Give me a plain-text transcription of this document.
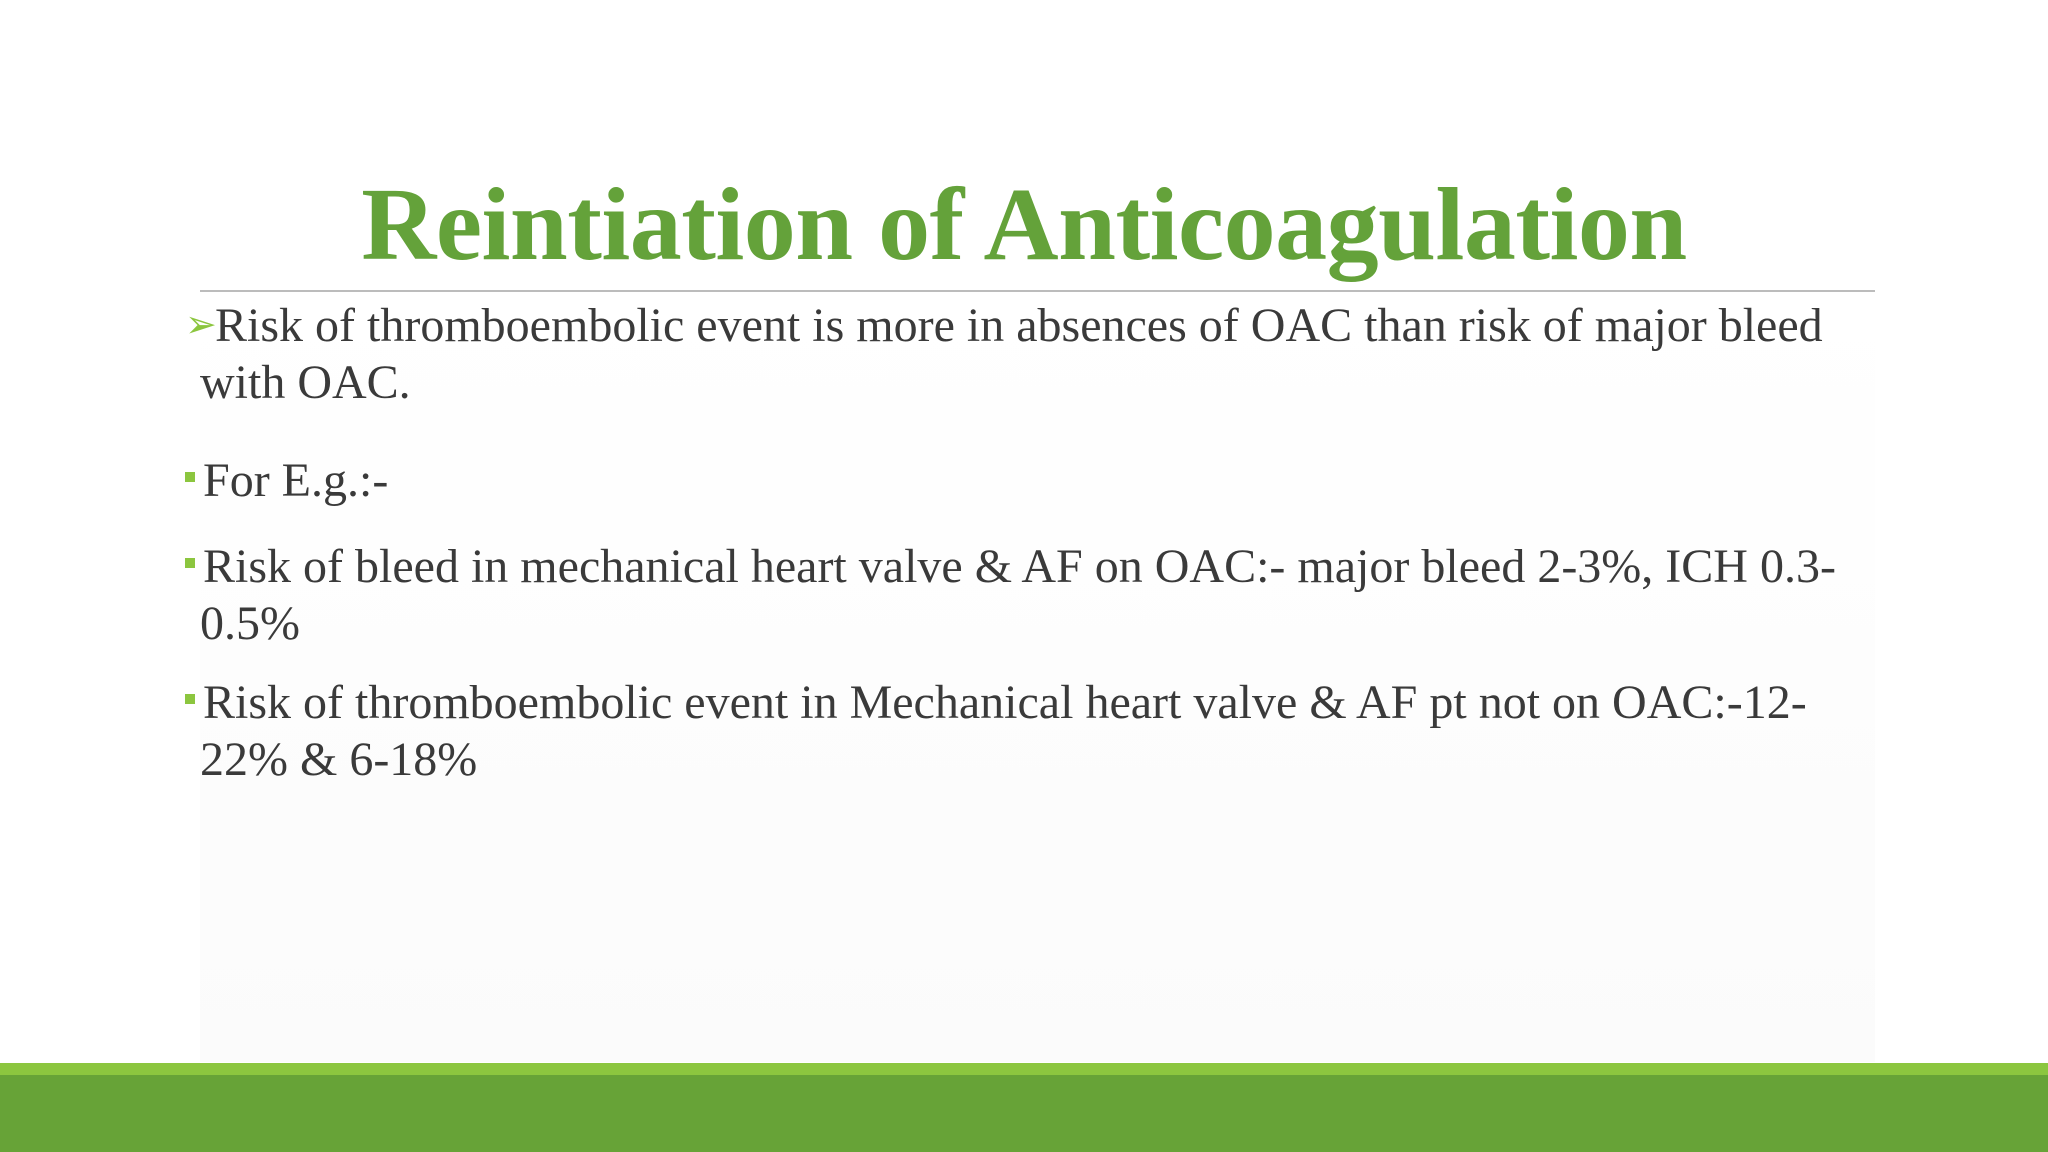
Reintiation of Anticoagulation
➢Risk of thromboembolic event is more in absences of OAC than risk of major bleed with OAC.
For E.g.:-
Risk of bleed in mechanical heart valve & AF on OAC:- major bleed 2-3%, ICH 0.3-0.5%
Risk of thromboembolic event in Mechanical heart valve & AF pt not on OAC:-12-22% & 6-18%
